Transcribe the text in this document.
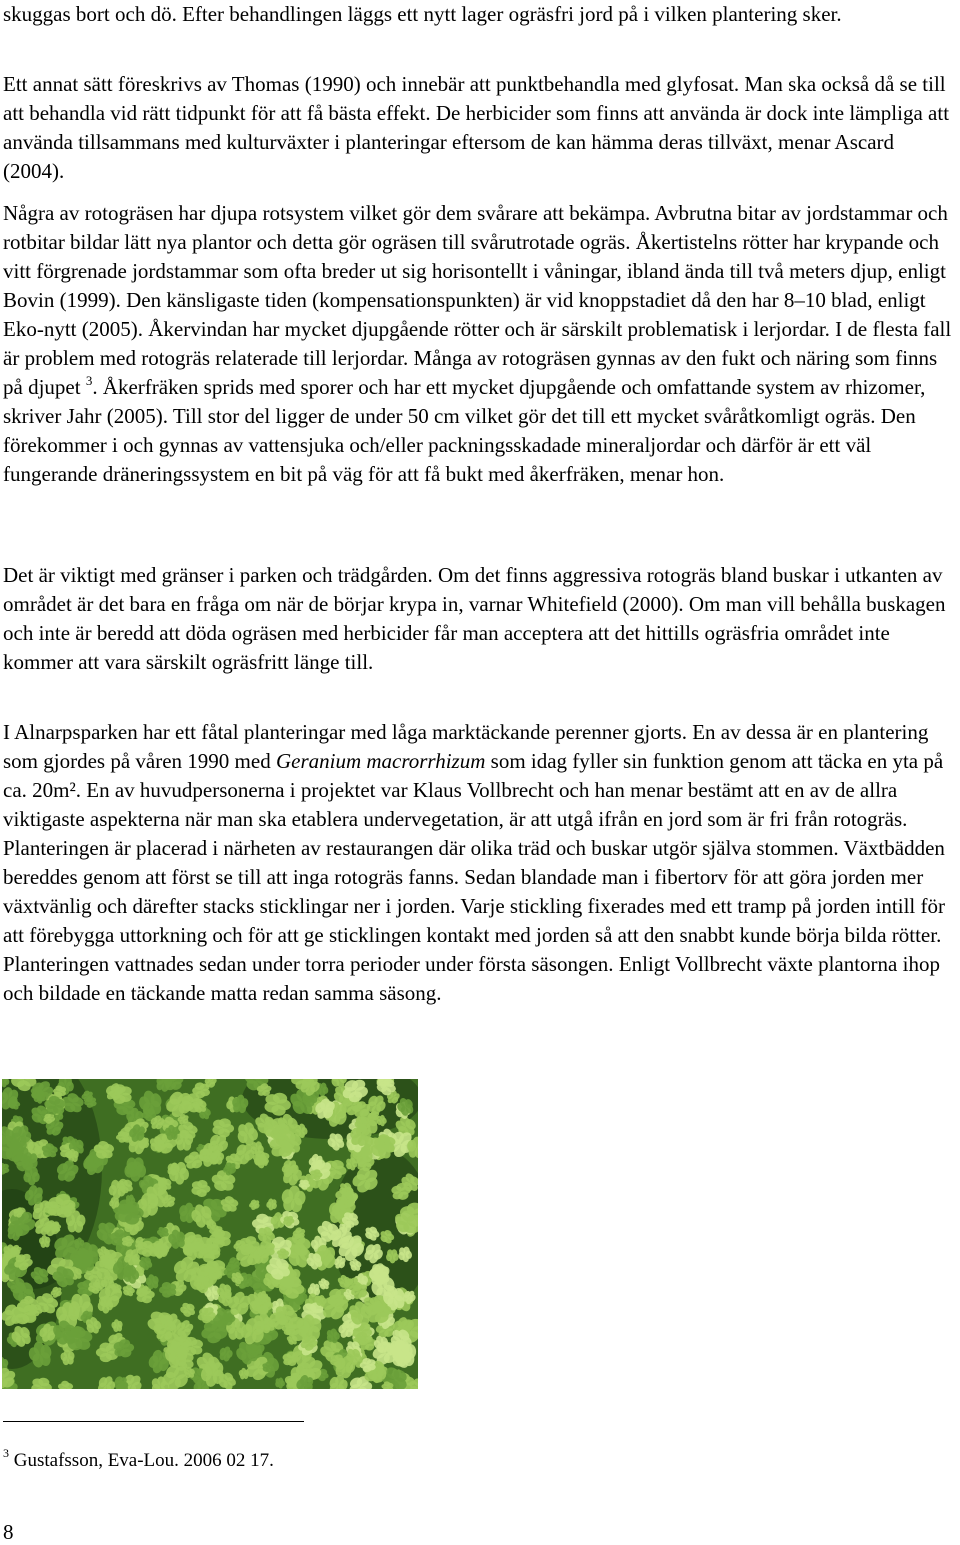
skuggas bort och dö. Efter behandlingen läggs ett nytt lager ogräsfri jord på i vilken plantering sker.

Ett annat sätt föreskrivs av Thomas (1990) och innebär att punktbehandla med glyfosat. Man ska också då se till att behandla vid rätt tidpunkt för att få bästa effekt. De herbicider som finns att använda är dock inte lämpliga att använda tillsammans med kulturväxter i planteringar eftersom de kan hämma deras tillväxt, menar Ascard (2004).

Några av rotogräsen har djupa rotsystem vilket gör dem svårare att bekämpa. Avbrutna bitar av jordstammar och rotbitar bildar lätt nya plantor och detta gör ogräsen till svårutrotade ogräs. Åkertistelns rötter har krypande och vitt förgrenade jordstammar som ofta breder ut sig horisontellt i våningar, ibland ända till två meters djup, enligt Bovin (1999). Den känsligaste tiden (kompensationspunkten) är vid knoppstadiet då den har 8–10 blad, enligt Eko-nytt (2005). Åkervindan har mycket djupgående rötter och är särskilt problematisk i lerjordar. I de flesta fall är problem med rotogräs relaterade till lerjordar. Många av rotogräsen gynnas av den fukt och näring som finns på djupet $^3$. Åkerfräken sprids med sporer och har ett mycket djupgående och omfattande system av rhizomer, skriver Jahr (2005). Till stor del ligger de under 50 cm vilket gör det till ett mycket svåråtkomligt ogräs. Den förekommer i och gynnas av vattensjuka och/eller packningsskadade mineraljordar och därför är ett väl fungerande dräneringssystem en bit på väg för att få bukt med åkerfräken, menar hon.

Det är viktigt med gränser i parken och trädgården. Om det finns aggressiva rotogräs bland buskar i utkanten av området är det bara en fråga om när de börjar krypa in, varnar Whitefield (2000). Om man vill behålla buskagen och inte är beredd att döda ogräsen med herbicider får man acceptera att det hittills ogräsfria området inte kommer att vara särskilt ogräsfritt länge till.

I Alnarpsparken har ett fåtal planteringar med låga marktäckande perenner gjorts. En av dessa är en plantering som gjordes på våren 1990 med Geranium macrorrhizum som idag fyller sin funktion genom att täcka en yta på ca. 20m². En av huvudpersonerna i projektet var Klaus Vollbrecht och han menar bestämt att en av de allra viktigaste aspekterna när man ska etablera undervegetation, är att utgå ifrån en jord som är fri från rotogräs. Planteringen är placerad i närheten av restaurangen där olika träd och buskar utgör själva stommen. Växtbädden bereddes genom att först se till att inga rotogräs fanns. Sedan blandade man i fibertorv för att göra jorden mer växtvänlig och därefter stacks sticklingar ner i jorden. Varje stickling fixerades med ett tramp på jorden intill för att förebygga uttorkning och för att ge sticklingen kontakt med jorden så att den snabbt kunde börja bilda rötter. Planteringen vattnades sedan under torra perioder under första säsongen. Enligt Vollbrecht växte plantorna ihop och bildade en täckande matta redan samma säsong.

$^3$ Gustafsson, Eva-Lou. 2006 02 17.

8
